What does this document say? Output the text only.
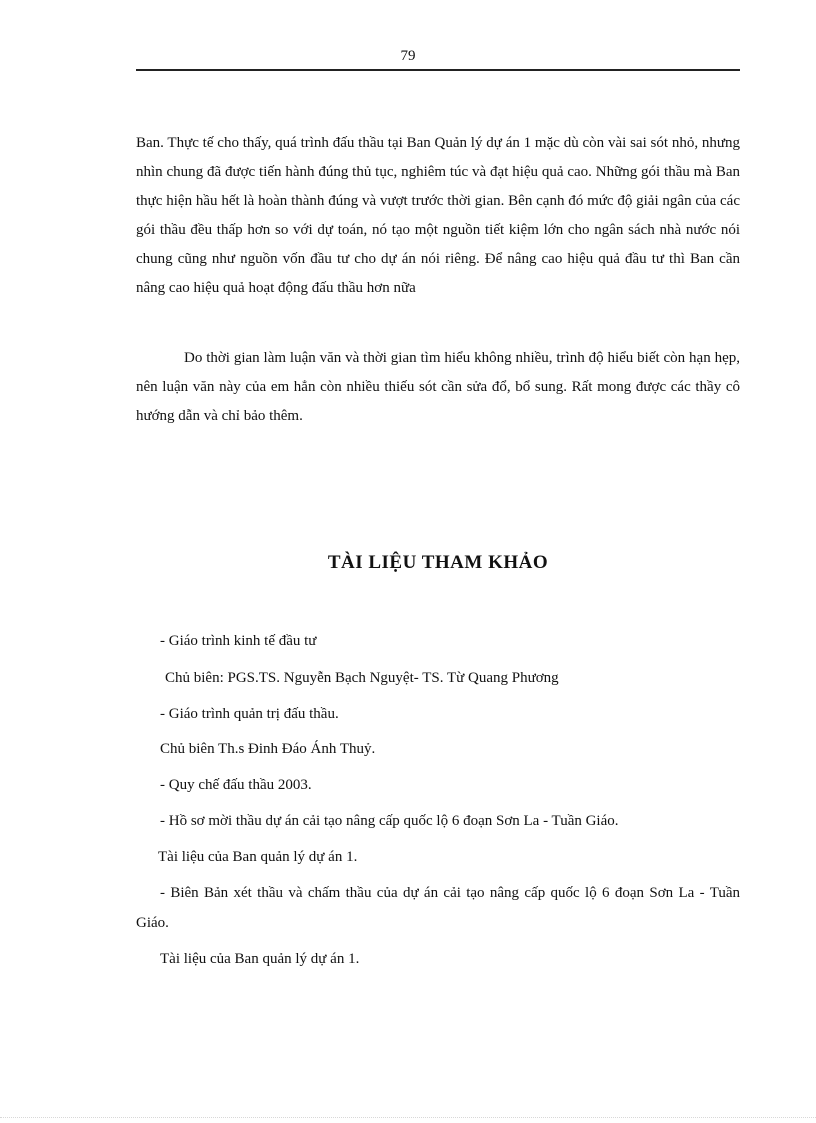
79

Ban. Thực tế cho thấy, quá trình đấu thầu tại Ban Quản lý dự án 1 mặc dù còn vài sai sót nhỏ, nhưng nhìn chung đã được tiến hành đúng thủ tục, nghiêm túc và đạt hiệu quả cao. Những gói thầu mà Ban thực hiện hầu hết là hoàn thành đúng và vượt trước thời gian. Bên cạnh đó mức độ giải ngân của các gói thầu đều thấp hơn so với dự toán, nó tạo một nguồn tiết kiệm lớn cho ngân sách nhà nước nói chung cũng như nguồn vốn đầu tư cho dự án nói riêng. Để nâng cao hiệu quả đầu tư thì Ban cần nâng cao hiệu quả hoạt động đấu thầu hơn nữa

Do thời gian làm luận văn và thời gian tìm hiểu không nhiều, trình độ hiểu biết còn hạn hẹp, nên luận văn này của em hẳn còn nhiều thiếu sót cần sửa đổ, bổ sung. Rất mong được các thầy cô hướng dẫn và chỉ bảo thêm.

TÀI LIỆU THAM KHẢO

- Giáo trình kinh tế đầu tư

Chủ biên: PGS.TS. Nguyễn Bạch Nguyệt- TS. Từ Quang Phương

- Giáo trình quản trị đấu thầu.

Chủ biên Th.s Đinh Đáo Ánh Thuỷ.

- Quy chế đấu thầu 2003.

- Hồ sơ mời thầu dự án cải tạo nâng cấp quốc lộ 6 đoạn Sơn La - Tuần Giáo.

Tài liệu của Ban quản lý dự án 1.

- Biên Bản xét thầu và chấm thầu của dự án cải tạo nâng cấp quốc lộ 6 đoạn Sơn La - Tuần Giáo.

Tài liệu của Ban quản lý dự án 1.
